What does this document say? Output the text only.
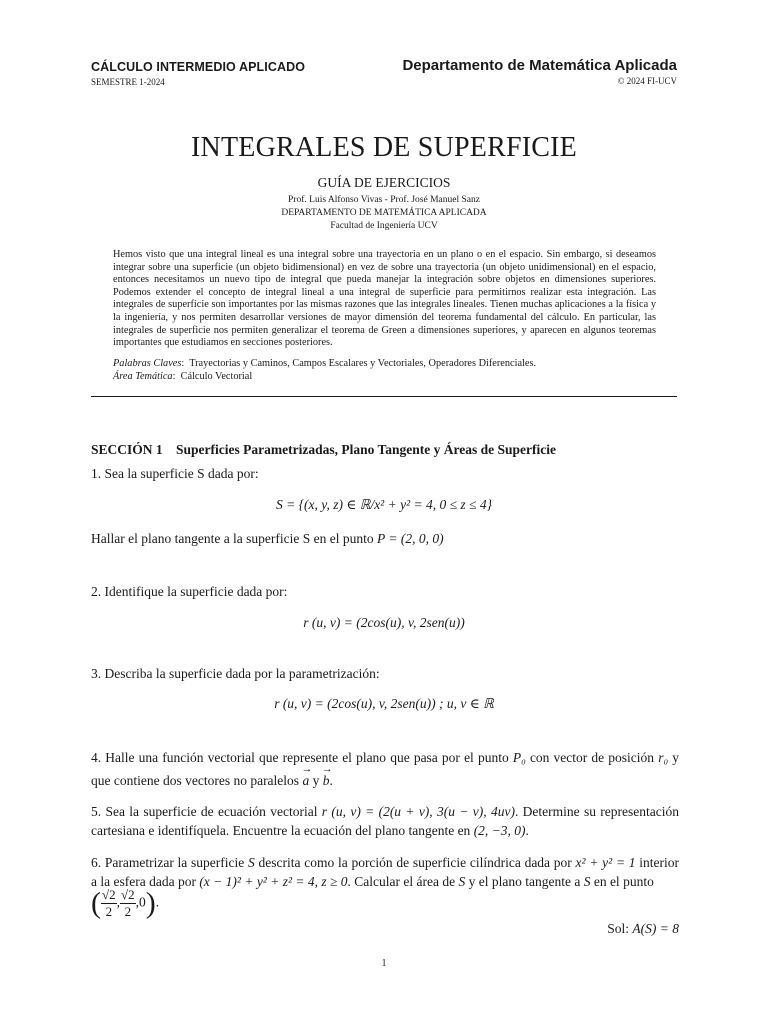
CÁLCULO INTERMEDIO APLICADO
SEMESTRE 1-2024
Departamento de Matemática Aplicada
© 2024 FI-UCV
INTEGRALES DE SUPERFICIE
GUÍA DE EJERCICIOS
Prof. Luis Alfonso Vivas - Prof. José Manuel Sanz
DEPARTAMENTO DE MATEMÁTICA APLICADA
Facultad de Ingeniería UCV
Hemos visto que una integral lineal es una integral sobre una trayectoria en un plano o en el espacio. Sin embargo, si deseamos integrar sobre una superficie (un objeto bidimensional) en vez de sobre una trayectoria (un objeto unidimensional) en el espacio, entonces necesitamos un nuevo tipo de integral que pueda manejar la integración sobre objetos en dimensiones superiores. Podemos extender el concepto de integral lineal a una integral de superficie para permitirnos realizar esta integración. Las integrales de superficie son importantes por las mismas razones que las integrales lineales. Tienen muchas aplicaciones a la física y la ingeniería, y nos permiten desarrollar versiones de mayor dimensión del teorema fundamental del cálculo. En particular, las integrales de superficie nos permiten generalizar el teorema de Green a dimensiones superiores, y aparecen en algunos teoremas importantes que estudiamos en secciones posteriores.
Palabras Claves:  Trayectorias y Caminos, Campos Escalares y Vectoriales, Operadores Diferenciales.
Área Temática:  Cálculo Vectorial
SECCIÓN 1 Superficies Parametrizadas, Plano Tangente y Áreas de Superficie
1. Sea la superficie S dada por:
S = {(x, y, z) ∈ ℝ/x² + y² = 4, 0 ≤ z ≤ 4}
Hallar el plano tangente a la superficie S en el punto P = (2, 0, 0)
2. Identifique la superficie dada por:
r (u, v) = (2cos(u), v, 2sen(u))
3. Describa la superficie dada por la parametrización:
r (u, v) = (2cos(u), v, 2sen(u)) ; u, v ∈ ℝ
4. Halle una función vectorial que represente el plano que pasa por el punto P₀ con vector de posición r₀ y que contiene dos vectores no paralelos → a y → b.
5. Sea la superficie de ecuación vectorial r (u, v) = (2(u + v), 3(u − v), 4uv). Determine su representación cartesiana e identifíquela. Encuentre la ecuación del plano tangente en (2, −3, 0).
6. Parametrizar la superficie S descrita como la porción de superficie cilíndrica dada por x² + y² = 1 interior a la esfera dada por (x − 1)² + y² + z² = 4, z ≥ 0. Calcular el área de S y el plano tangente a S en el punto
( $\frac{√2}{2}$ , $\frac{√2}{2} ,0$).
Sol: A(S) = 8
1
